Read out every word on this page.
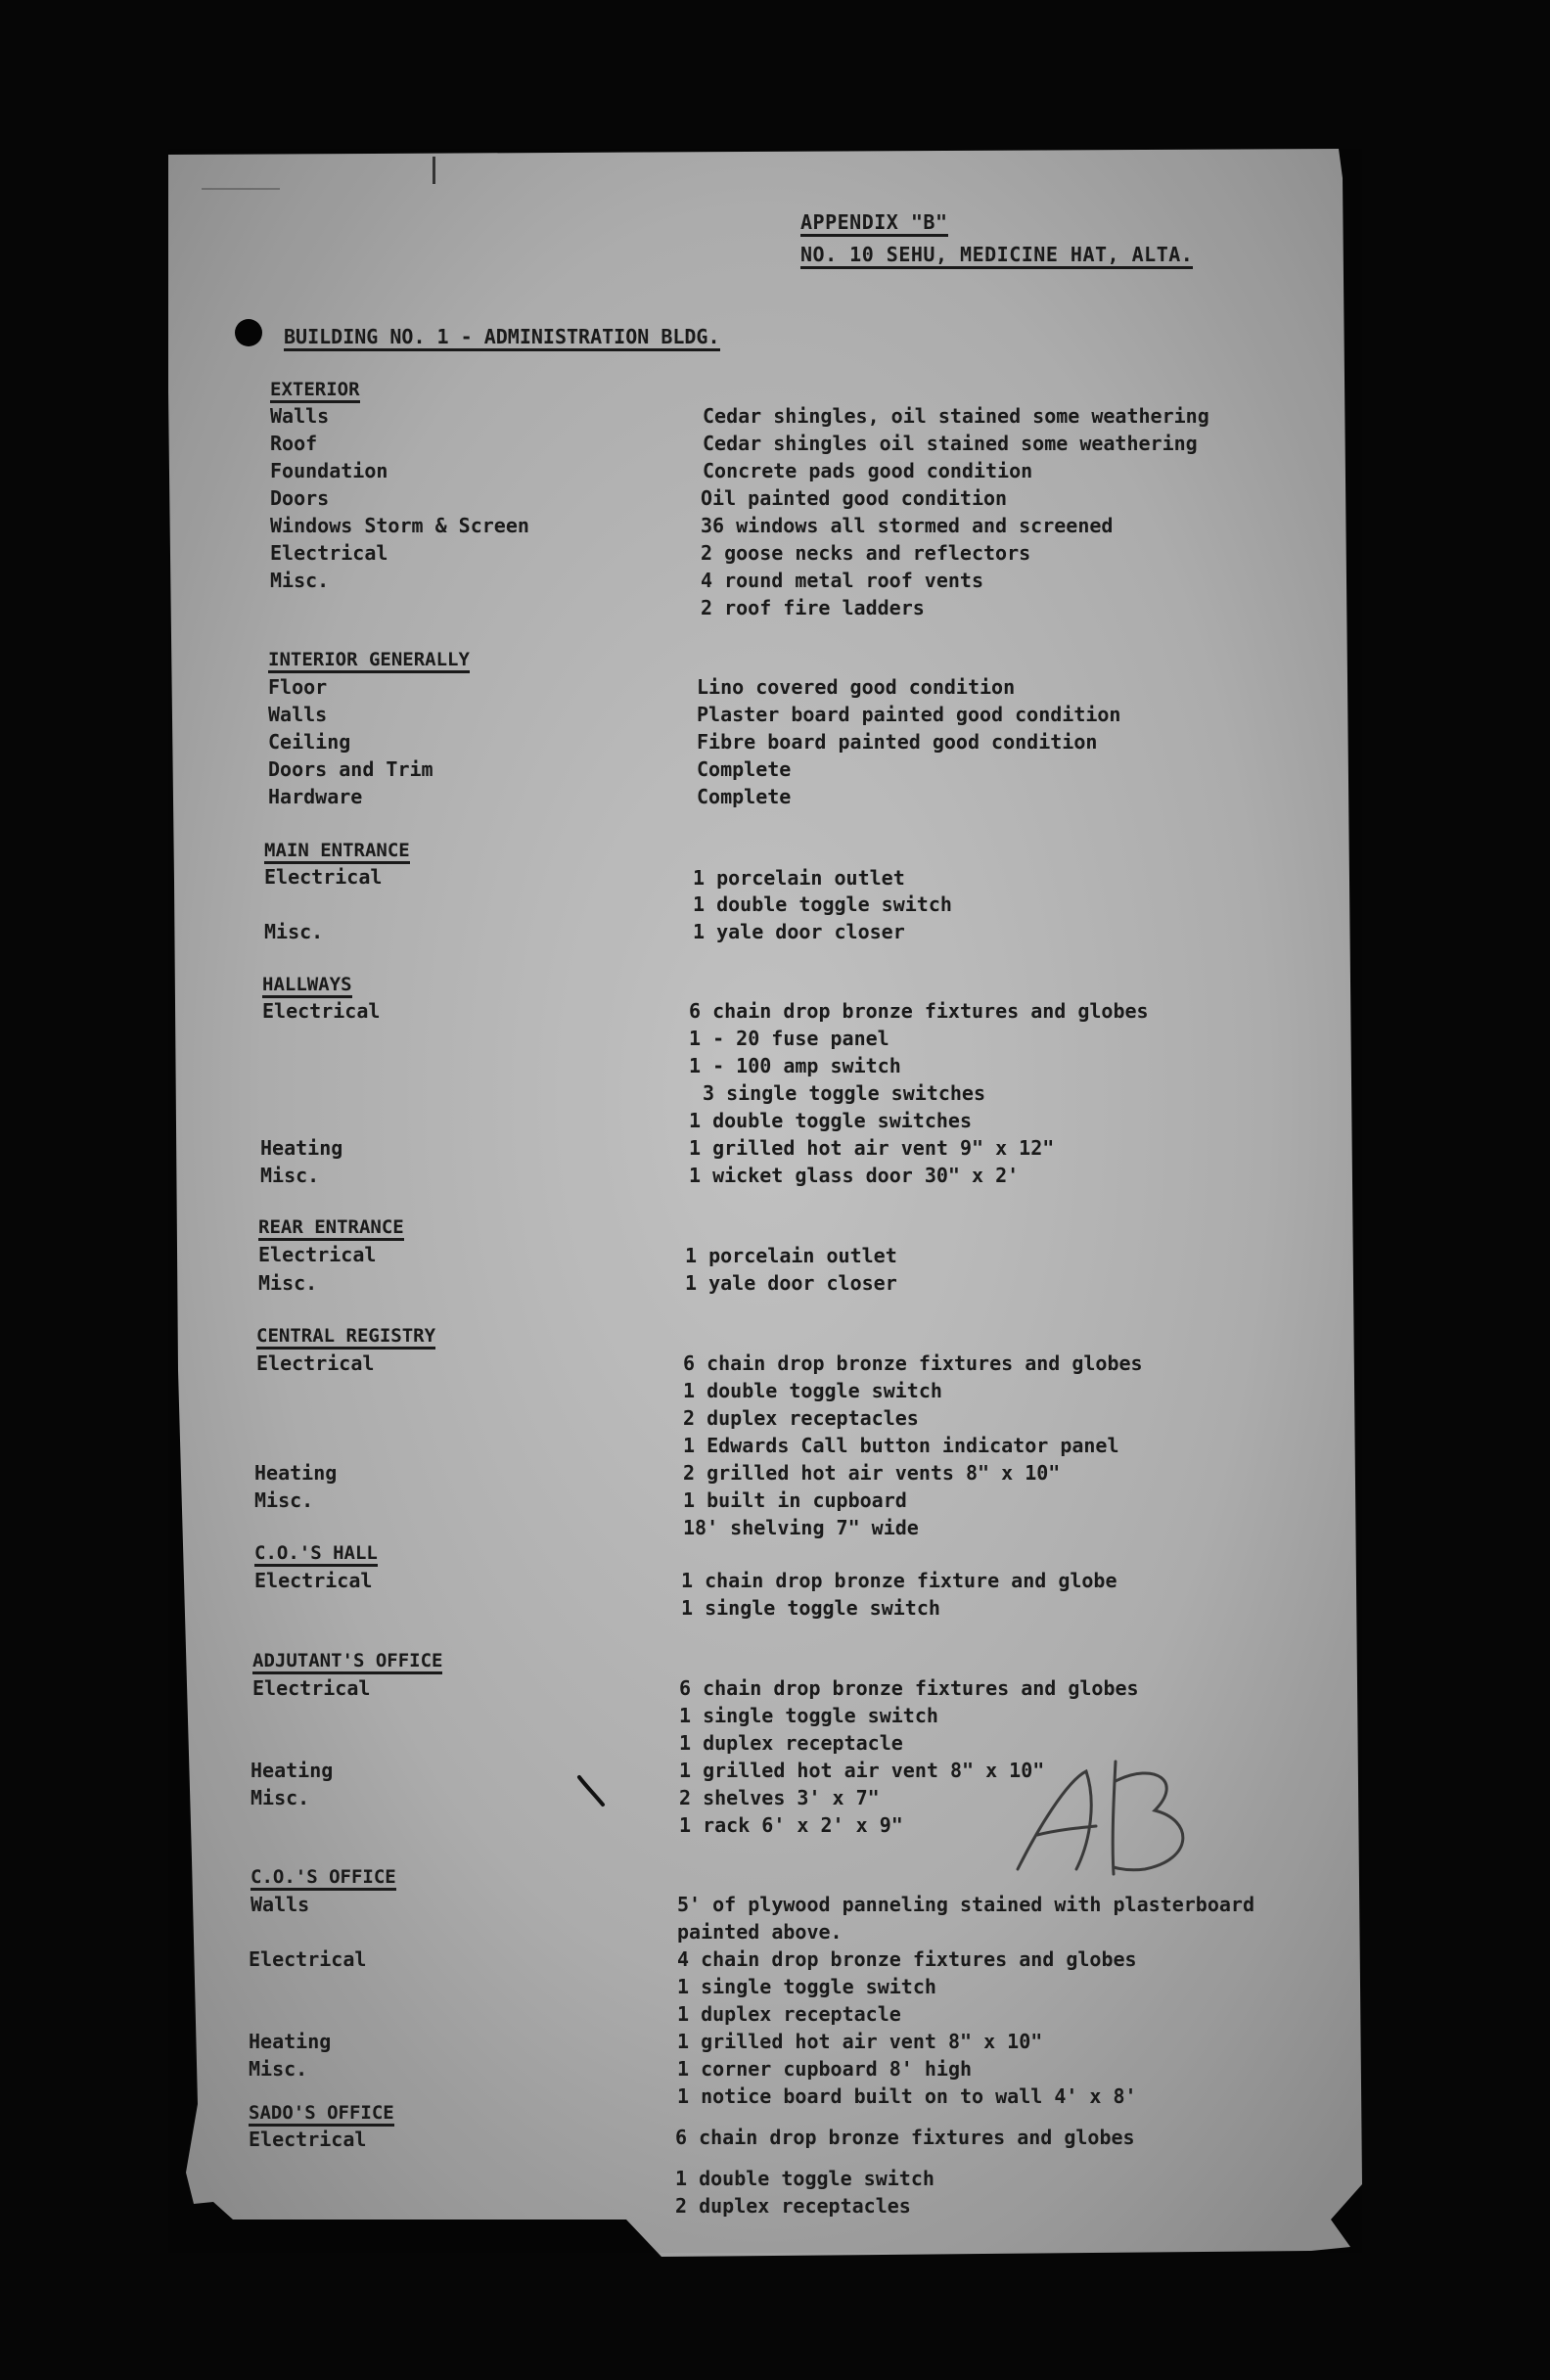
APPENDIX "B"
NO. 10 SEHU, MEDICINE HAT, ALTA.
BUILDING NO. 1 - ADMINISTRATION BLDG.
EXTERIOR
Walls	Cedar shingles, oil stained some weathering
Roof	Cedar shingles oil stained some weathering
Foundation	Concrete pads good condition
Doors	Oil painted good condition
Windows Storm & Screen	36 windows all stormed and screened
Electrical	2 goose necks and reflectors
Misc.	4 round metal roof vents
2 roof fire ladders
INTERIOR GENERALLY
Floor	Lino covered good condition
Walls	Plaster board painted good condition
Ceiling	Fibre board painted good condition
Doors and Trim	Complete
Hardware	Complete
MAIN ENTRANCE
Electrical	1 porcelain outlet
1 double toggle switch
Misc.	1 yale door closer
HALLWAYS
Electrical	6 chain drop bronze fixtures and globes
1 - 20 fuse panel
1 - 100 amp switch
3 single toggle switches
1 double toggle switches
Heating	1 grilled hot air vent 9" x 12"
Misc.	1 wicket glass door 30" x 2'
REAR ENTRANCE
Electrical	1 porcelain outlet
Misc.	1 yale door closer
CENTRAL REGISTRY
Electrical	6 chain drop bronze fixtures and globes
1 double toggle switch
2 duplex receptacles
1 Edwards Call button indicator panel
Heating	2 grilled hot air vents 8" x 10"
Misc.	1 built in cupboard
18' shelving 7" wide
C.O.'S HALL
Electrical	1 chain drop bronze fixture and globe
1 single toggle switch
ADJUTANT'S OFFICE
Electrical	6 chain drop bronze fixtures and globes
1 single toggle switch
1 duplex receptacle
Heating	1 grilled hot air vent 8" x 10"
Misc.	2 shelves 3' x 7"
1 rack 6' x 2' x 9"
C.O.'S OFFICE
Walls	5' of plywood panneling stained with plasterboard
painted above.
Electrical	4 chain drop bronze fixtures and globes
1 single toggle switch
1 duplex receptacle
Heating	1 grilled hot air vent 8" x 10"
Misc.	1 corner cupboard 8' high
1 notice board built on to wall 4' x 8'
SADO'S OFFICE
Electrical	6 chain drop bronze fixtures and globes
1 double toggle switch
2 duplex receptacles
